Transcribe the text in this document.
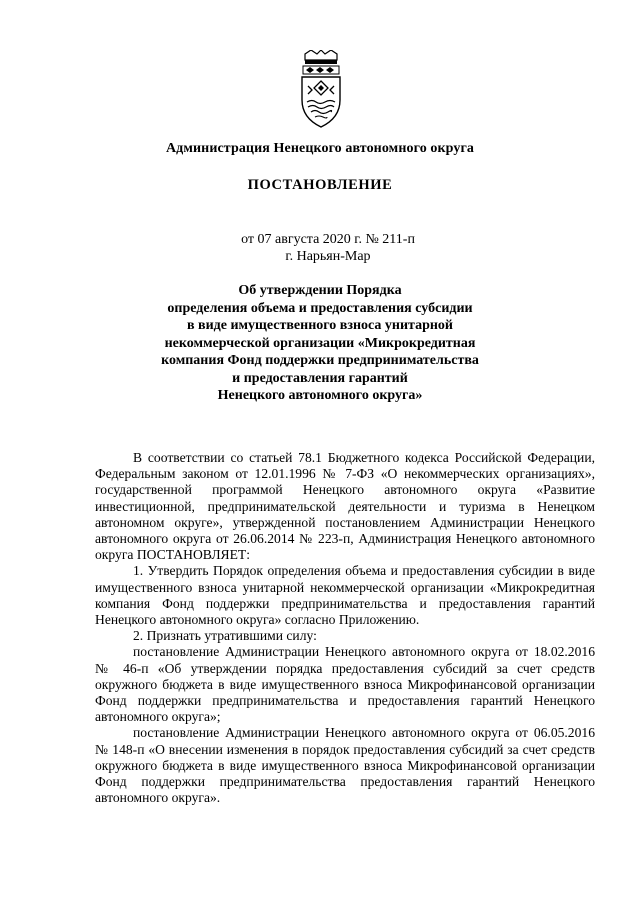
Администрация Ненецкого автономного округа
ПОСТАНОВЛЕНИЕ
от 07 августа 2020 г. № 211-п
г. Нарьян-Мар
Об утверждении Порядка
определения объема и предоставления субсидии
в виде имущественного взноса унитарной
некоммерческой организации «Микрокредитная
компания Фонд поддержки предпринимательства
и предоставления гарантий
Ненецкого автономного округа»

В соответствии со статьей 78.1 Бюджетного кодекса Российской Федерации, Федеральным законом от 12.01.1996 № 7-ФЗ «О некоммерческих организациях», государственной программой Ненецкого автономного округа «Развитие инвестиционной, предпринимательской деятельности и туризма в Ненецком автономном округе», утвержденной постановлением Администрации Ненецкого автономного округа от 26.06.2014 № 223-п, Администрация Ненецкого автономного округа ПОСТАНОВЛЯЕТ:

1. Утвердить Порядок определения объема и предоставления субсидии в виде имущественного взноса унитарной некоммерческой организации «Микрокредитная компания Фонд поддержки предпринимательства и предоставления гарантий Ненецкого автономного округа» согласно Приложению.

2. Признать утратившими силу:

постановление Администрации Ненецкого автономного округа от 18.02.2016 № 46-п «Об утверждении порядка предоставления субсидий за счет средств окружного бюджета в виде имущественного взноса Микрофинансовой организации Фонд поддержки предпринимательства и предоставления гарантий Ненецкого автономного округа»;

постановление Администрации Ненецкого автономного округа от 06.05.2016 № 148-п «О внесении изменения в порядок предоставления субсидий за счет средств окружного бюджета в виде имущественного взноса Микрофинансовой организации Фонд поддержки предпринимательства предоставления гарантий Ненецкого автономного округа».
